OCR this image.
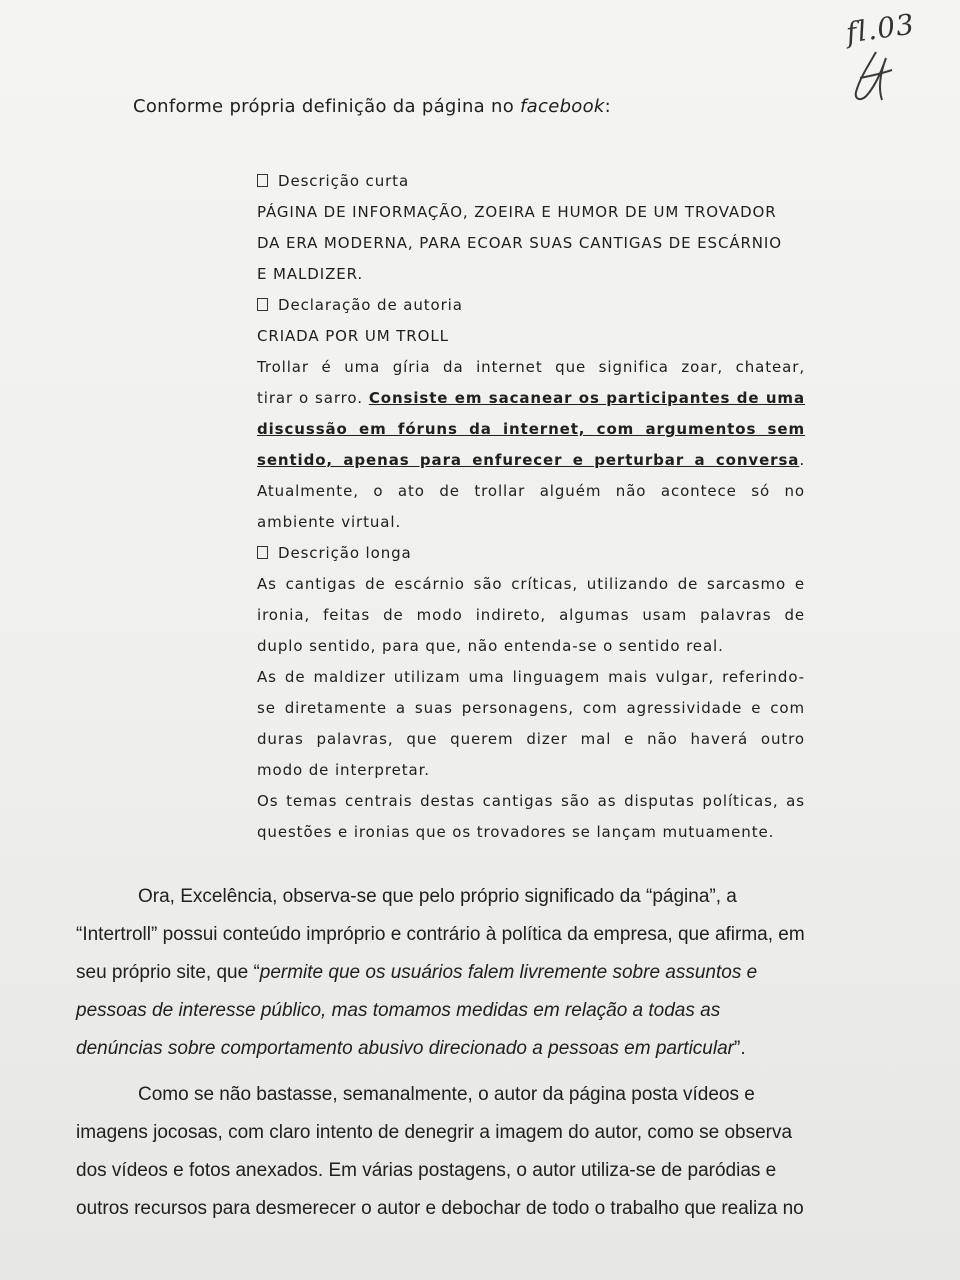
fl.03
Conforme própria definição da página no facebook:
Descrição curta
PÁGINA DE INFORMAÇÃO, ZOEIRA E HUMOR DE UM TROVADOR
DA ERA MODERNA, PARA ECOAR SUAS CANTIGAS DE ESCÁRNIO
E MALDIZER.
Declaração de autoria
CRIADA POR UM TROLL
Trollar é uma gíria da internet que significa zoar, chatear,
tirar o sarro. Consiste em sacanear os participantes de uma
discussão em fóruns da internet, com argumentos sem
sentido, apenas para enfurecer e perturbar a conversa.
Atualmente, o ato de trollar alguém não acontece só no
ambiente virtual.
Descrição longa
As cantigas de escárnio são críticas, utilizando de sarcasmo e
ironia, feitas de modo indireto, algumas usam palavras de
duplo sentido, para que, não entenda-se o sentido real.
As de maldizer utilizam uma linguagem mais vulgar, referindo-
se diretamente a suas personagens, com agressividade e com
duras palavras, que querem dizer mal e não haverá outro
modo de interpretar.
Os temas centrais destas cantigas são as disputas políticas, as
questões e ironias que os trovadores se lançam mutuamente.
Ora, Excelência, observa-se que pelo próprio significado da “página”, a “Intertroll” possui conteúdo impróprio e contrário à política da empresa, que afirma, em seu próprio site, que “permite que os usuários falem livremente sobre assuntos e pessoas de interesse público, mas tomamos medidas em relação a todas as denúncias sobre comportamento abusivo direcionado a pessoas em particular”.
Como se não bastasse, semanalmente, o autor da página posta vídeos e imagens jocosas, com claro intento de denegrir a imagem do autor, como se observa dos vídeos e fotos anexados. Em várias postagens, o autor utiliza-se de paródias e outros recursos para desmerecer o autor e debochar de todo o trabalho que realiza no
